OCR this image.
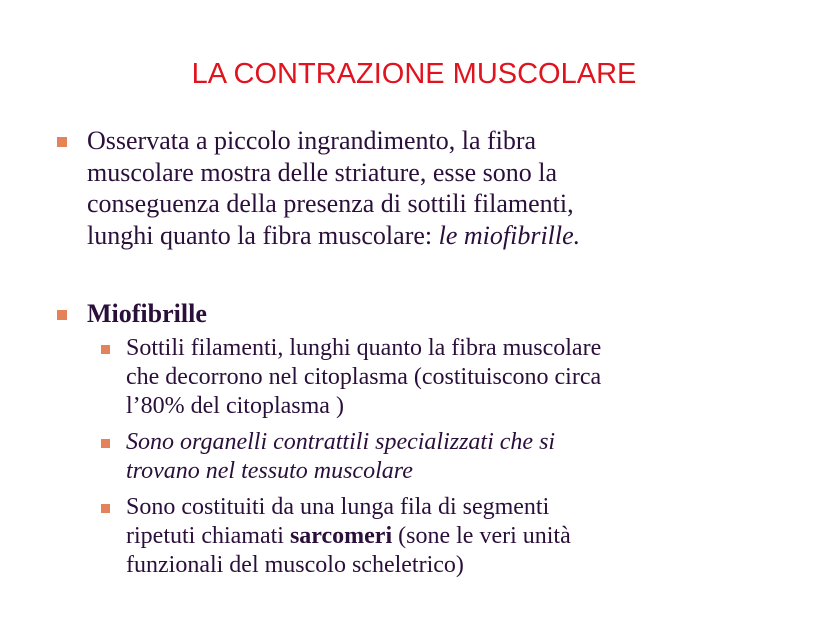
LA CONTRAZIONE MUSCOLARE
Osservata a piccolo ingrandimento, la fibra
muscolare mostra delle striature, esse sono la
conseguenza della presenza di sottili filamenti,
lunghi quanto la fibra muscolare: le miofibrille.
Miofibrille
Sottili filamenti, lunghi quanto la fibra muscolare
che decorrono nel citoplasma (costituiscono circa
l’80% del citoplasma )
Sono organelli contrattili specializzati che si
trovano nel tessuto muscolare
Sono costituiti da una lunga fila di segmenti
ripetuti chiamati sarcomeri (sone le veri unità
funzionali del muscolo scheletrico)
